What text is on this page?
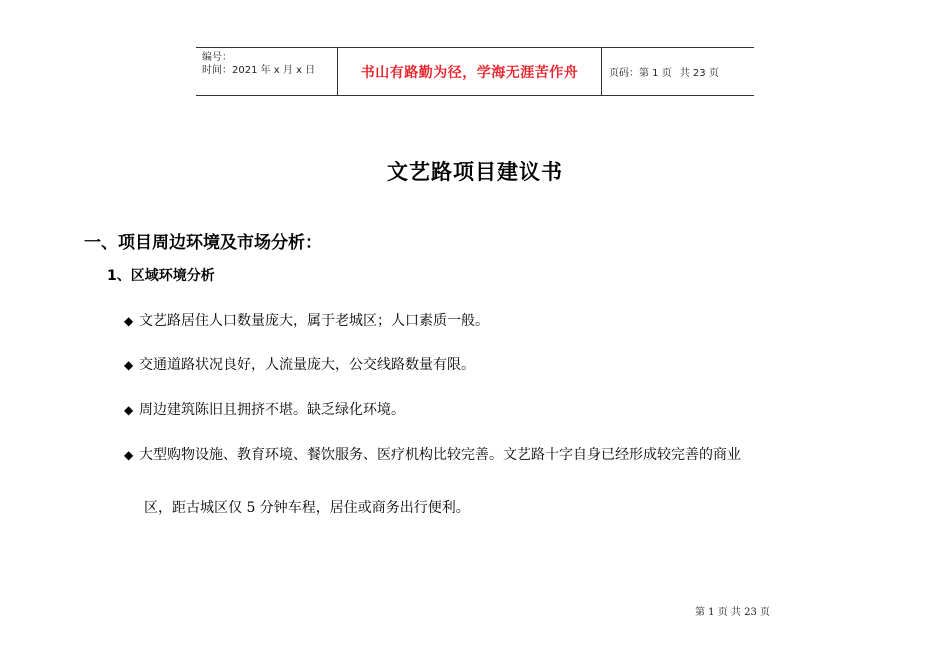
编号：
时间：2021 年 x 月 x 日	书山有路勤为径，学海无涯苦作舟	页码：第 1 页 共 23 页
文艺路项目建议书
一、项目周边环境及市场分析：
1、区域环境分析
◆ 文艺路居住人口数量庞大，属于老城区；人口素质一般。
◆ 交通道路状况良好，人流量庞大，公交线路数量有限。
◆ 周边建筑陈旧且拥挤不堪。缺乏绿化环境。
◆ 大型购物设施、教育环境、餐饮服务、医疗机构比较完善。文艺路十字自身已经形成较完善的商业
区，距古城区仅 5 分钟车程，居住或商务出行便利。
第 1 页 共 23 页
